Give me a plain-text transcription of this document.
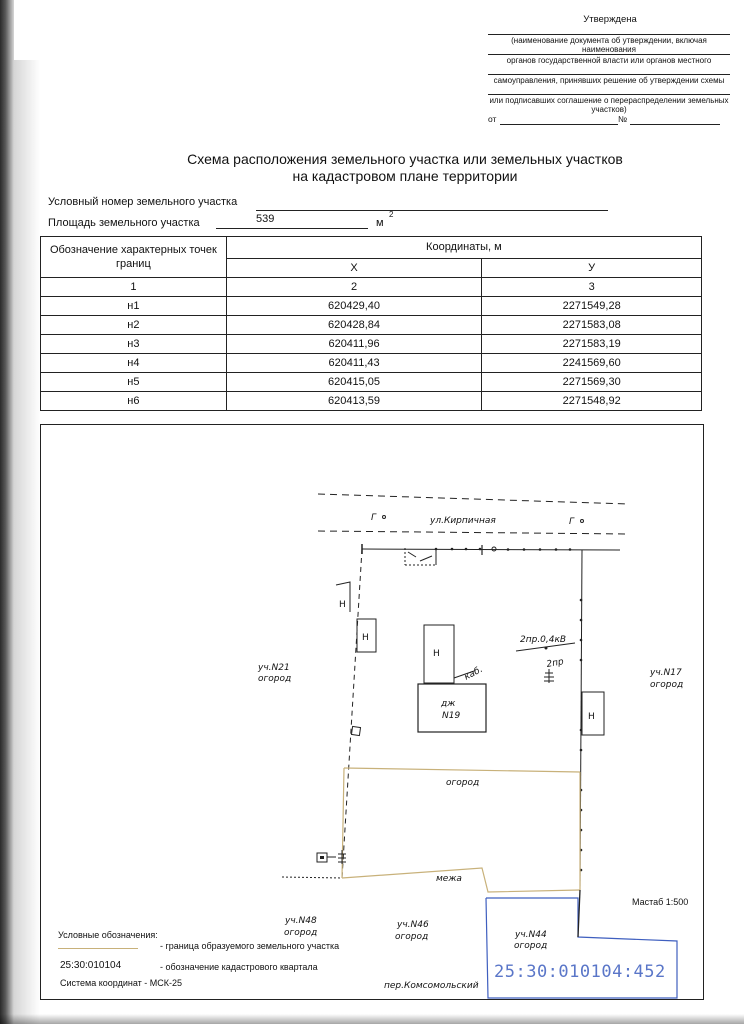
Утверждена
(наименование документа об утверждении, включая наименования
органов государственной власти или органов местного
самоуправления, принявших решение об утверждении схемы
или подписавших соглашение о перераспределении земельных участков)
от	№
Схема расположения земельного участка или земельных участков
на кадастровом плане территории
Условный номер земельного участка
Площадь земельного участка	539	м
2
Обозначение характерных точек границ	Координаты, м	
	X	У
1	2	3
н1	620429,40	2271549,28
н2	620428,84	2271583,08
н3	620411,96	2271583,19
н4	620411,43	2241569,60
н5	620415,05	2271569,30
н6	620413,59	2271548,92
Г	ул.Кирпичная	Г
Н
Н
Н
дж
N19
каб.
2пр.0,4кВ
2пр
Н
уч.N21
огород
уч.N17
огород
огород
межа
уч.N48
огород
уч.N46
огород	уч.N44
огород
пер.Комсомольский
Условные обозначения:
- граница образуемого земельного участка
25:30:010104	- обозначение кадастрового квартала
Система координат - МСК-25
Мастаб 1:500
25:30:010104:452
